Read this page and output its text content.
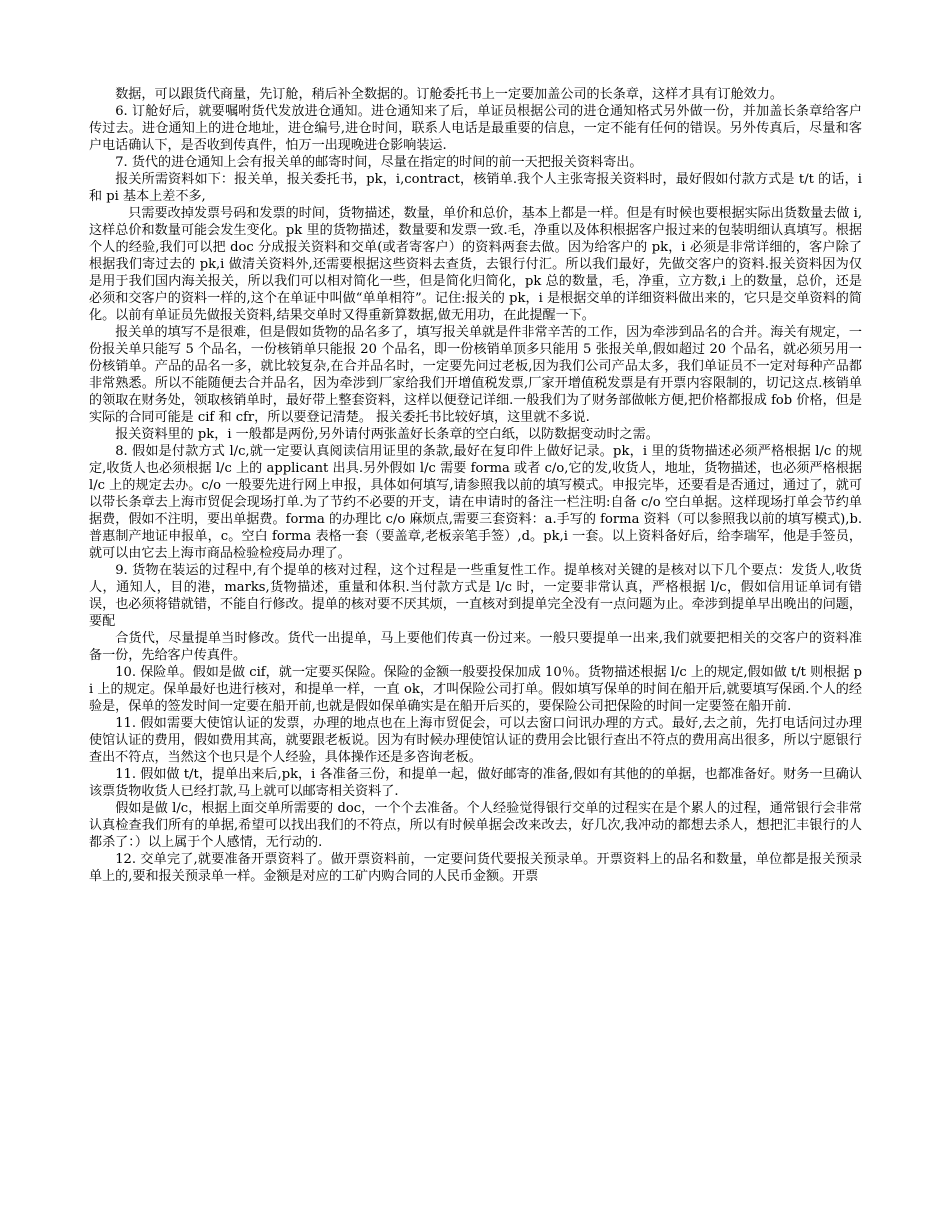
数据，可以跟货代商量，先订舱，稍后补全数据的。订舱委托书上一定要加盖公司的长条章，这样才具有订舱效力。

6. 订舱好后，就要嘱咐货代发放进仓通知。进仓通知来了后，单证员根据公司的进仓通知格式另外做一份，并加盖长条章给客户传过去。进仓通知上的进仓地址，进仓编号,进仓时间，联系人电话是最重要的信息，一定不能有任何的错误。另外传真后，尽量和客户电话确认下，是否收到传真件，怕万一出现晚进仓影响装运.

7. 货代的进仓通知上会有报关单的邮寄时间，尽量在指定的时间的前一天把报关资料寄出。

报关所需资料如下：报关单，报关委托书，pk，i,contract，核销单.我个人主张寄报关资料时，最好假如付款方式是 t/t 的话，i 和 pi 基本上差不多,

只需要改掉发票号码和发票的时间，货物描述，数量，单价和总价，基本上都是一样。但是有时候也要根据实际出货数量去做 i,这样总价和数量可能会发生变化。pk 里的货物描述，数量要和发票一致.毛，净重以及体积根据客户报过来的包装明细认真填写。根据个人的经验,我们可以把 doc 分成报关资料和交单(或者寄客户）的资料两套去做。因为给客户的 pk，i 必须是非常详细的，客户除了根据我们寄过去的 pk,i 做清关资料外,还需要根据这些资料去查货，去银行付汇。所以我们最好，先做交客户的资料.报关资料因为仅是用于我们国内海关报关，所以我们可以相对简化一些，但是简化归简化，pk 总的数量，毛，净重，立方数,i 上的数量，总价，还是必须和交客户的资料一样的,这个在单证中叫做“单单相符”。记住:报关的 pk，i 是根据交单的详细资料做出来的，它只是交单资料的简化。以前有单证员先做报关资料,结果交单时又得重新算数据,做无用功，在此提醒一下。

报关单的填写不是很难，但是假如货物的品名多了，填写报关单就是件非常辛苦的工作，因为牵涉到品名的合并。海关有规定，一份报关单只能写 5 个品名，一份核销单只能报 20 个品名，即一份核销单顶多只能用 5 张报关单,假如超过 20 个品名，就必须另用一份核销单。产品的品名一多，就比较复杂,在合并品名时，一定要先问过老板,因为我们公司产品太多，我们单证员不一定对每种产品都非常熟悉。所以不能随便去合并品名，因为牵涉到厂家给我们开增值税发票,厂家开增值税发票是有开票内容限制的，切记这点.核销单的领取在财务处，领取核销单时，最好带上整套资料，这样以便登记详细.一般我们为了财务部做帐方便,把价格都报成 fob 价格，但是实际的合同可能是 cif 和 cfr，所以要登记清楚。 报关委托书比较好填，这里就不多说.

报关资料里的 pk，i 一般都是两份,另外请付两张盖好长条章的空白纸，以防数据变动时之需。

8. 假如是付款方式 l/c,就一定要认真阅读信用证里的条款,最好在复印件上做好记录。pk，i 里的货物描述必须严格根据 l/c 的规定,收货人也必须根据 l/c 上的 applicant 出具.另外假如 l/c 需要 forma 或者 c/o,它的发,收货人，地址，货物描述，也必须严格根据 l/c 上的规定去办。c/o 一般要先进行网上申报，具体如何填写,请参照我以前的填写模式。申报完毕，还要看是否通过，通过了，就可以带长条章去上海市贸促会现场打单.为了节约不必要的开支，请在申请时的备注一栏注明:自备 c/o 空白单据。这样现场打单会节约单据费，假如不注明，要出单据费。forma 的办理比 c/o 麻烦点,需要三套资料：a.手写的 forma 资料（可以参照我以前的填写模式),b.普惠制产地证申报单，c。空白 forma 表格一套（要盖章,老板亲笔手签）,d。pk,i 一套。以上资料备好后，给李瑞军，他是手签员，就可以由它去上海市商品检验检疫局办理了。

9. 货物在装运的过程中,有个提单的核对过程，这个过程是一些重复性工作。提单核对关键的是核对以下几个要点：发货人,收货人，通知人，目的港，marks,货物描述，重量和体积.当付款方式是 l/c 时，一定要非常认真，严格根据 l/c，假如信用证单词有错误，也必须将错就错，不能自行修改。提单的核对要不厌其烦，一直核对到提单完全没有一点问题为止。牵涉到提单早出晚出的问题，要配

合货代，尽量提单当时修改。货代一出提单，马上要他们传真一份过来。一般只要提单一出来,我们就要把相关的交客户的资料准备一份，先给客户传真件。

10. 保险单。假如是做 cif，就一定要买保险。保险的金额一般要投保加成 10％。货物描述根据 l/c 上的规定,假如做 t/t 则根据 pi 上的规定。保单最好也进行核对，和提单一样，一直 ok，才叫保险公司打单。假如填写保单的时间在船开后,就要填写保函.个人的经验是，保单的签发时间一定要在船开前,也就是假如保单确实是在船开后买的，要保险公司把保险的时间一定要签在船开前.

11. 假如需要大使馆认证的发票，办理的地点也在上海市贸促会，可以去窗口问讯办理的方式。最好,去之前，先打电话问过办理使馆认证的费用，假如费用其高，就要跟老板说。因为有时候办理使馆认证的费用会比银行查出不符点的费用高出很多，所以宁愿银行查出不符点，当然这个也只是个人经验，具体操作还是多咨询老板。

11. 假如做 t/t，提单出来后,pk，i 各准备三份，和提单一起，做好邮寄的准备,假如有其他的的单据，也都准备好。财务一旦确认该票货物收货人已经打款,马上就可以邮寄相关资料了.

假如是做 l/c，根据上面交单所需要的 doc，一个个去准备。个人经验觉得银行交单的过程实在是个累人的过程，通常银行会非常认真检查我们所有的单据,希望可以找出我们的不符点，所以有时候单据会改来改去，好几次,我冲动的都想去杀人，想把汇丰银行的人都杀了：）以上属于个人感情，无行动的.

12. 交单完了,就要准备开票资料了。做开票资料前，一定要问货代要报关预录单。开票资料上的品名和数量，单位都是报关预录单上的,要和报关预录单一样。金额是对应的工矿内购合同的人民币金额。开票
